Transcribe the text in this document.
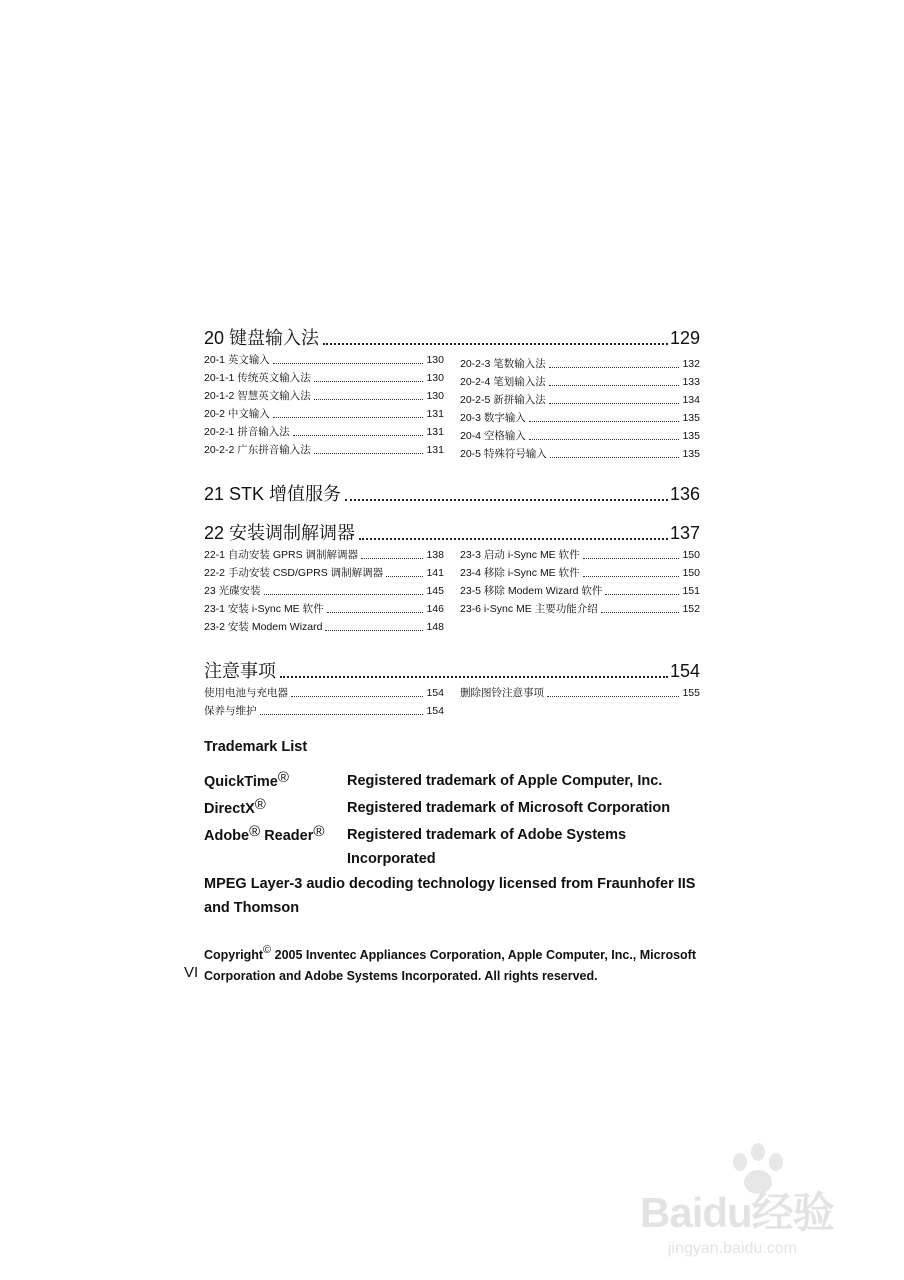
20 键盘输入法	129
20-1 英文输入	130
20-1-1 传统英文输入法	130
20-1-2 智慧英文输入法	130
20-2 中文输入	131
20-2-1 拼音输入法	131
20-2-2 广东拼音输入法	131
20-2-3 笔数输入法	132
20-2-4 笔划输入法	133
20-2-5 新拼输入法	134
20-3 数字输入	135
20-4 空格输入	135
20-5 特殊符号输入	135
21 STK 增值服务	136
22 安装调制解调器	137
22-1 自动安装 GPRS 调制解调器	138
22-2 手动安装 CSD/GPRS 调制解调器	141
23 光碟安装	145
23-1 安装 i-Sync ME 软件	146
23-2 安装 Modem Wizard	148
23-3 启动 i-Sync ME 软件	150
23-4 移除 i-Sync ME 软件	150
23-5 移除 Modem Wizard 软件	151
23-6 i-Sync ME 主要功能介绍	152
注意事项	154
使用电池与充电器	154
保养与维护	154
删除图铃注意事项	155
Trademark List
QuickTime®	Registered trademark of Apple Computer, Inc.
DirectX®	Registered trademark of Microsoft Corporation
Adobe® Reader® Registered trademark of Adobe Systems Incorporated
MPEG Layer-3 audio decoding technology licensed from Fraunhofer IIS and Thomson
Copyright© 2005 Inventec Appliances Corporation, Apple Computer, Inc., Microsoft Corporation and Adobe Systems Incorporated. All rights reserved.
VI
Baidu经验
jingyan.baidu.com
